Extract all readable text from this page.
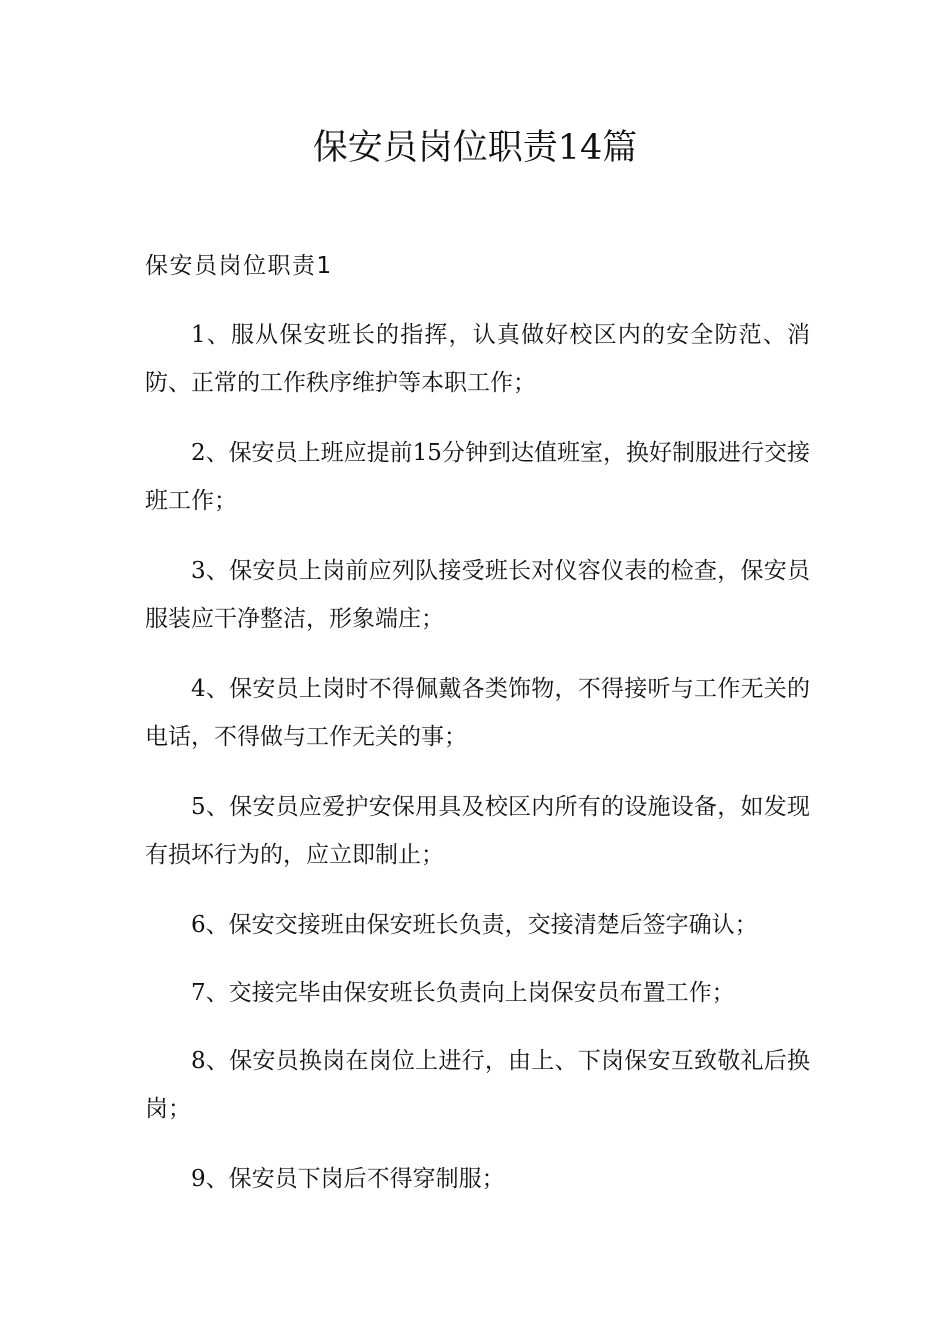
保安员岗位职责14篇
保安员岗位职责1

1、服从保安班长的指挥，认真做好校区内的安全防范、消防、正常的工作秩序维护等本职工作；

2、保安员上班应提前15分钟到达值班室，换好制服进行交接班工作；

3、保安员上岗前应列队接受班长对仪容仪表的检查，保安员服装应干净整洁，形象端庄；

4、保安员上岗时不得佩戴各类饰物，不得接听与工作无关的电话，不得做与工作无关的事；

5、保安员应爱护安保用具及校区内所有的设施设备，如发现有损坏行为的，应立即制止；

6、保安交接班由保安班长负责，交接清楚后签字确认；

7、交接完毕由保安班长负责向上岗保安员布置工作；

8、保安员换岗在岗位上进行，由上、下岗保安互致敬礼后换岗；

9、保安员下岗后不得穿制服；
